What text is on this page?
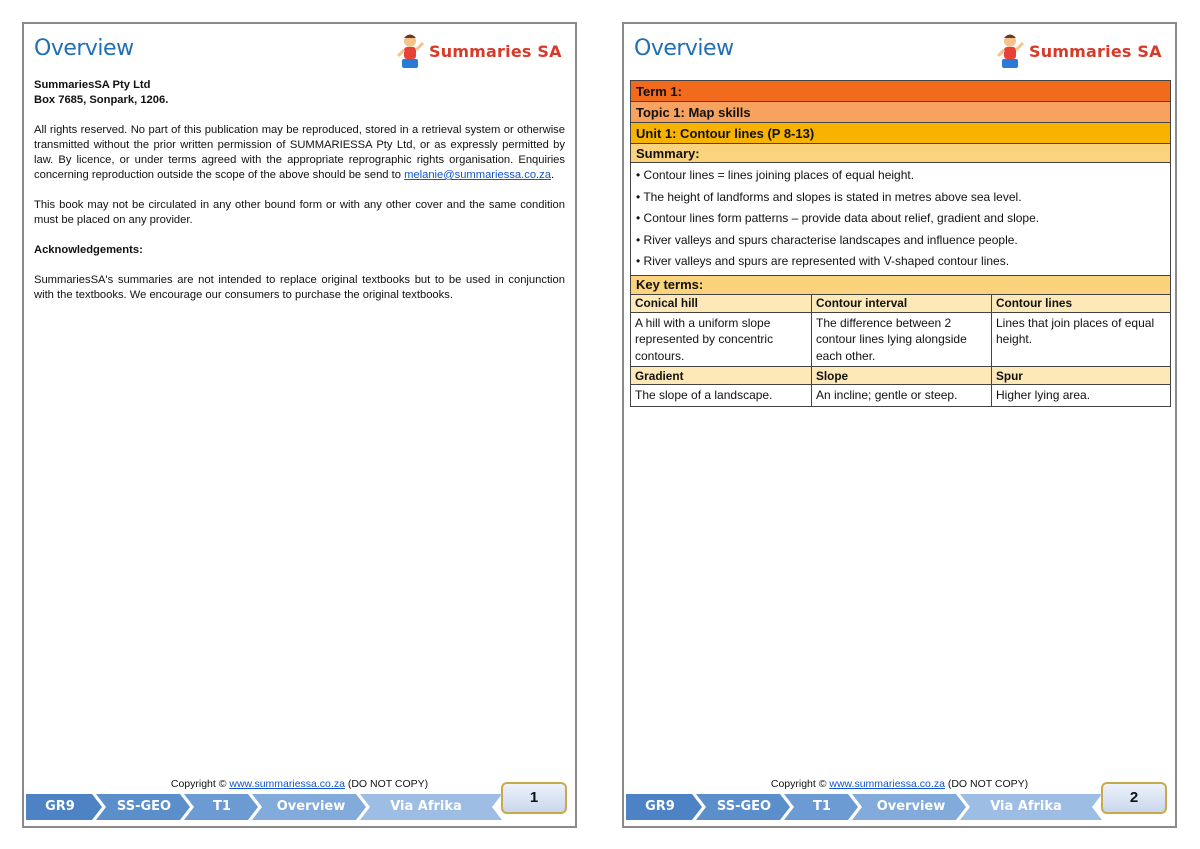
Overview	Summaries SA
SummariesSA Pty Ltd
Box 7685, Sonpark, 1206.

All rights reserved. No part of this publication may be reproduced, stored in a retrieval system or otherwise transmitted without the prior written permission of SUMMARIESSA Pty Ltd, or as expressly permitted by law. By licence, or under terms agreed with the appropriate reprographic rights organisation. Enquiries concerning reproduction outside the scope of the above should be send to melanie@summariessa.co.za.

This book may not be circulated in any other bound form or with any other cover and the same condition must be placed on any provider.

Acknowledgements:

SummariesSA's summaries are not intended to replace original textbooks but to be used in conjunction with the textbooks. We encourage our consumers to purchase the original textbooks.

Copyright © www.summariessa.co.za (DO NOT COPY)
GR9	SS-GEO	T1	Overview	Via Afrika
1
Overview	Summaries SA
Term 1:		
Topic 1: Map skills		
Unit 1: Contour lines (P 8-13)		
Summary:		

• Contour lines = lines joining places of equal height.
• The height of landforms and slopes is stated in metres above sea level.
• Contour lines form patterns – provide data about relief, gradient and slope.
• River valleys and spurs characterise landscapes and influence people.
• River valleys and spurs are represented with V-shaped contour lines.		

Key terms:		
Conical hill	Contour interval	Contour lines
A hill with a uniform slope represented by concentric contours.	The difference between 2 contour lines lying alongside each other.	Lines that join places of equal height.
Gradient	Slope	Spur
The slope of a landscape.	An incline; gentle or steep.	Higher lying area.
Copyright © www.summariessa.co.za (DO NOT COPY)
GR9	SS-GEO	T1	Overview	Via Afrika
2
